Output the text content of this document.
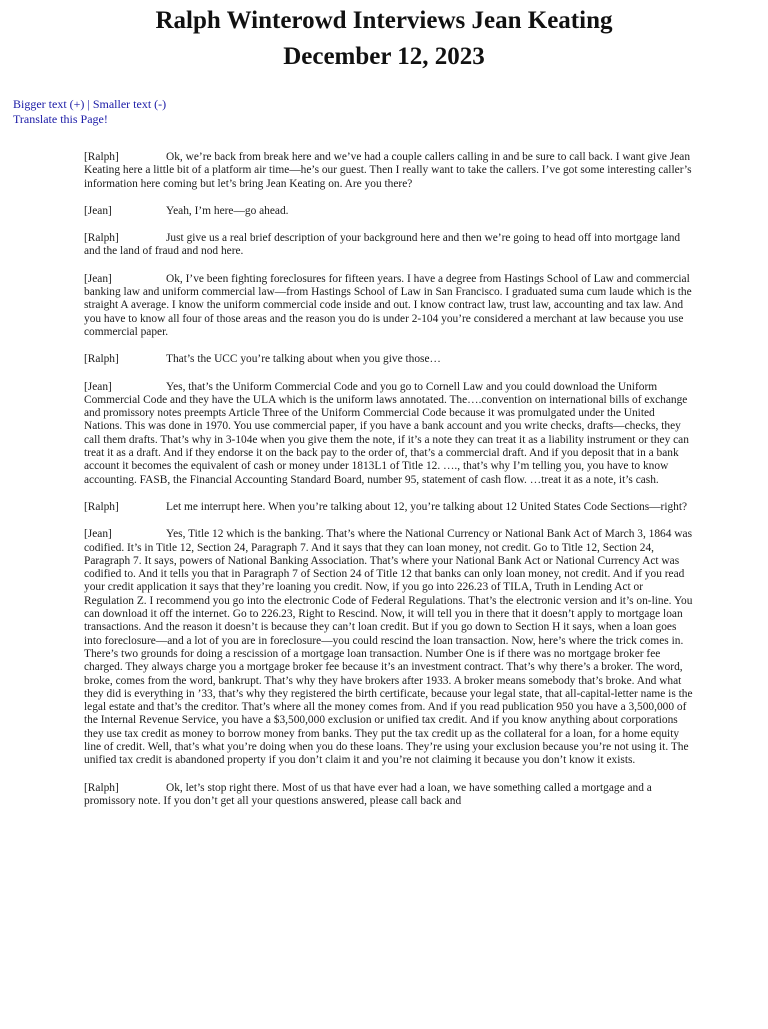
Ralph Winterowd Interviews Jean Keating
December 12, 2023
Bigger text (+) | Smaller text (-)
Translate this Page!

[Ralph]	Ok, we’re back from break here and we’ve had a couple callers calling in and be sure to call back. I want give Jean Keating here a little bit of a platform air time—he’s our guest. Then I really want to take the callers. I’ve got some interesting caller’s information here coming but let’s bring Jean Keating on. Are you there?

[Jean]	Yeah, I’m here—go ahead.

[Ralph]	Just give us a real brief description of your background here and then we’re going to head off into mortgage land and the land of fraud and nod here.

[Jean]	Ok, I’ve been fighting foreclosures for fifteen years. I have a degree from Hastings School of Law and commercial banking law and uniform commercial law—from Hastings School of Law in San Francisco. I graduated suma cum laude which is the straight A average. I know the uniform commercial code inside and out. I know contract law, trust law, accounting and tax law. And you have to know all four of those areas and the reason you do is under 2-104 you’re considered a merchant at law because you use commercial paper.

[Ralph]	That’s the UCC you’re talking about when you give those…

[Jean]	Yes, that’s the Uniform Commercial Code and you go to Cornell Law and you could download the Uniform Commercial Code and they have the ULA which is the uniform laws annotated. The….convention on international bills of exchange and promissory notes preempts Article Three of the Uniform Commercial Code because it was promulgated under the United Nations. This was done in 1970. You use commercial paper, if you have a bank account and you write checks, drafts—checks, they call them drafts. That’s why in 3-104e when you give them the note, if it’s a note they can treat it as a liability instrument or they can treat it as a draft. And if they endorse it on the back pay to the order of, that’s a commercial draft. And if you deposit that in a bank account it becomes the equivalent of cash or money under 1813L1 of Title 12. …., that’s why I’m telling you, you have to know accounting. FASB, the Financial Accounting Standard Board, number 95, statement of cash flow. …treat it as a note, it’s cash.

[Ralph]	Let me interrupt here. When you’re talking about 12, you’re talking about 12 United States Code Sections—right?

[Jean]	Yes, Title 12 which is the banking. That’s where the National Currency or National Bank Act of March 3, 1864 was codified. It’s in Title 12, Section 24, Paragraph 7. And it says that they can loan money, not credit. Go to Title 12, Section 24, Paragraph 7. It says, powers of National Banking Association. That’s where your National Bank Act or National Currency Act was codified to. And it tells you that in Paragraph 7 of Section 24 of Title 12 that banks can only loan money, not credit. And if you read your credit application it says that they’re loaning you credit. Now, if you go into 226.23 of TILA, Truth in Lending Act or Regulation Z. I recommend you go into the electronic Code of Federal Regulations. That’s the electronic version and it’s on-line. You can download it off the internet. Go to 226.23, Right to Rescind. Now, it will tell you in there that it doesn’t apply to mortgage loan transactions. And the reason it doesn’t is because they can’t loan credit. But if you go down to Section H it says, when a loan goes into foreclosure—and a lot of you are in foreclosure—you could rescind the loan transaction. Now, here’s where the trick comes in. There’s two grounds for doing a rescission of a mortgage loan transaction. Number One is if there was no mortgage broker fee charged. They always charge you a mortgage broker fee because it’s an investment contract. That’s why there’s a broker. The word, broke, comes from the word, bankrupt. That’s why they have brokers after 1933. A broker means somebody that’s broke. And what they did is everything in ’33, that’s why they registered the birth certificate, because your legal state, that all-capital-letter name is the legal estate and that’s the creditor. That’s where all the money comes from. And if you read publication 950 you have a 3,500,000 of the Internal Revenue Service, you have a $3,500,000 exclusion or unified tax credit. And if you know anything about corporations they use tax credit as money to borrow money from banks. They put the tax credit up as the collateral for a loan, for a home equity line of credit. Well, that’s what you’re doing when you do these loans. They’re using your exclusion because you’re not using it. The unified tax credit is abandoned property if you don’t claim it and you’re not claiming it because you don’t know it exists.

[Ralph]	Ok, let’s stop right there. Most of us that have ever had a loan, we have something called a mortgage and a promissory note. If you don’t get all your questions answered, please call back and
